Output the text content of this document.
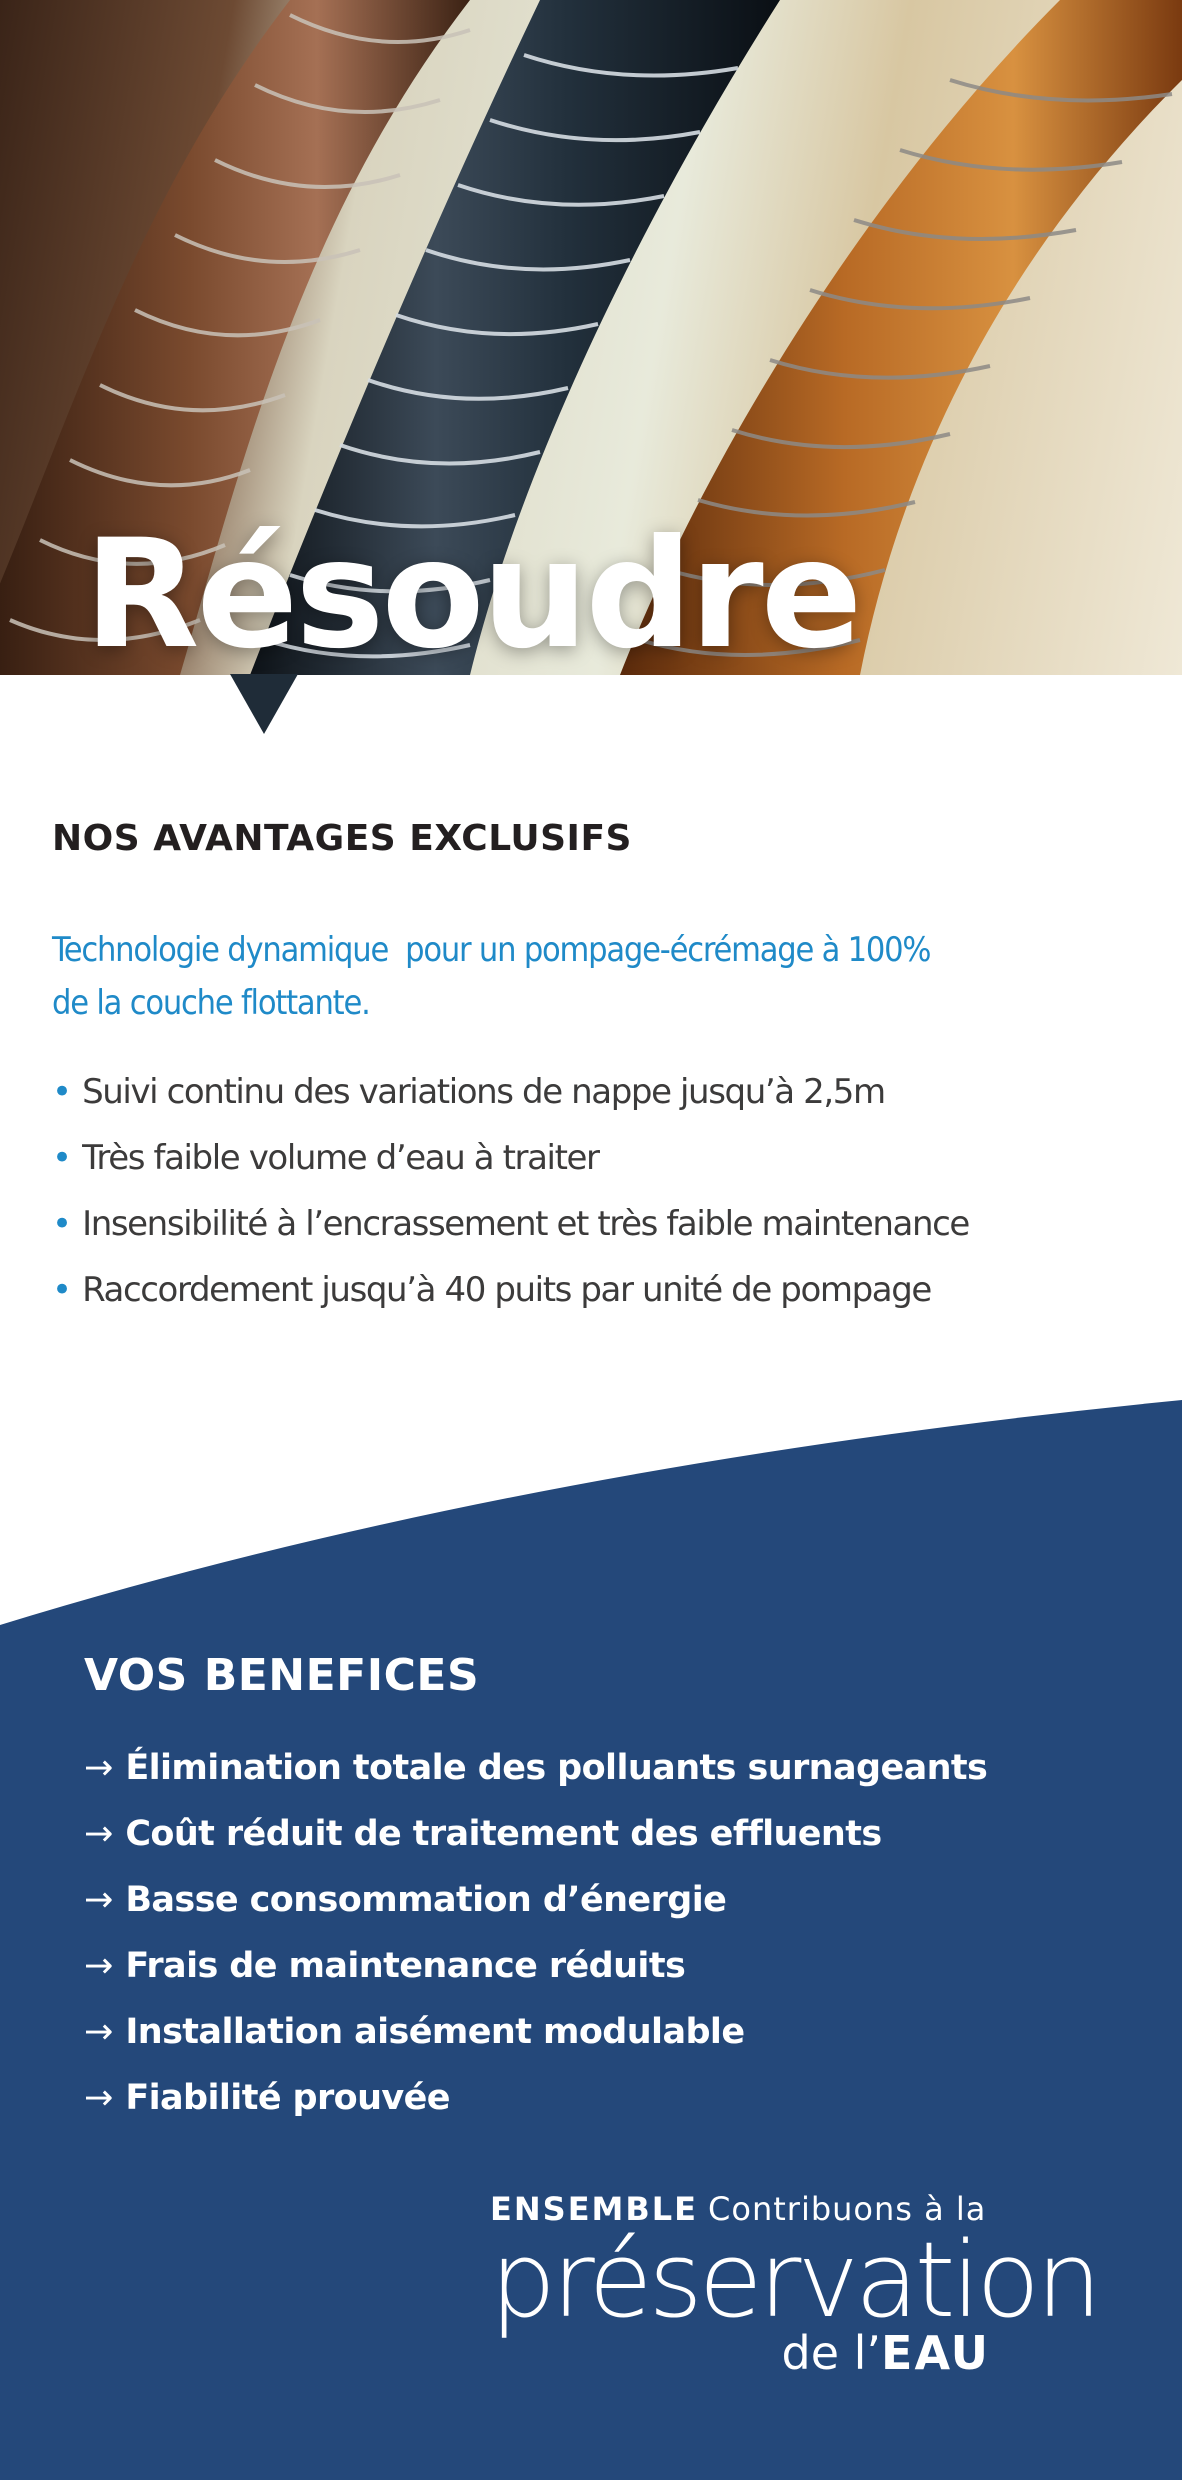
Résoudre
NOS AVANTAGES EXCLUSIFS
Technologie dynamique  pour un pompage-écrémage à 100%
de la couche flottante.
• Suivi continu des variations de nappe jusqu’à 2,5m
• Très faible volume d’eau à traiter
• Insensibilité à l’encrassement et très faible maintenance
• Raccordement jusqu’à 40 puits par unité de pompage
VOS BENEFICES
→ Élimination totale des polluants surnageants
→ Coût réduit de traitement des effluents
→ Basse consommation d’énergie
→ Frais de maintenance réduits
→ Installation aisément modulable
→ Fiabilité prouvée
ENSEMBLE Contribuons à la
préservation
de l’EAU
